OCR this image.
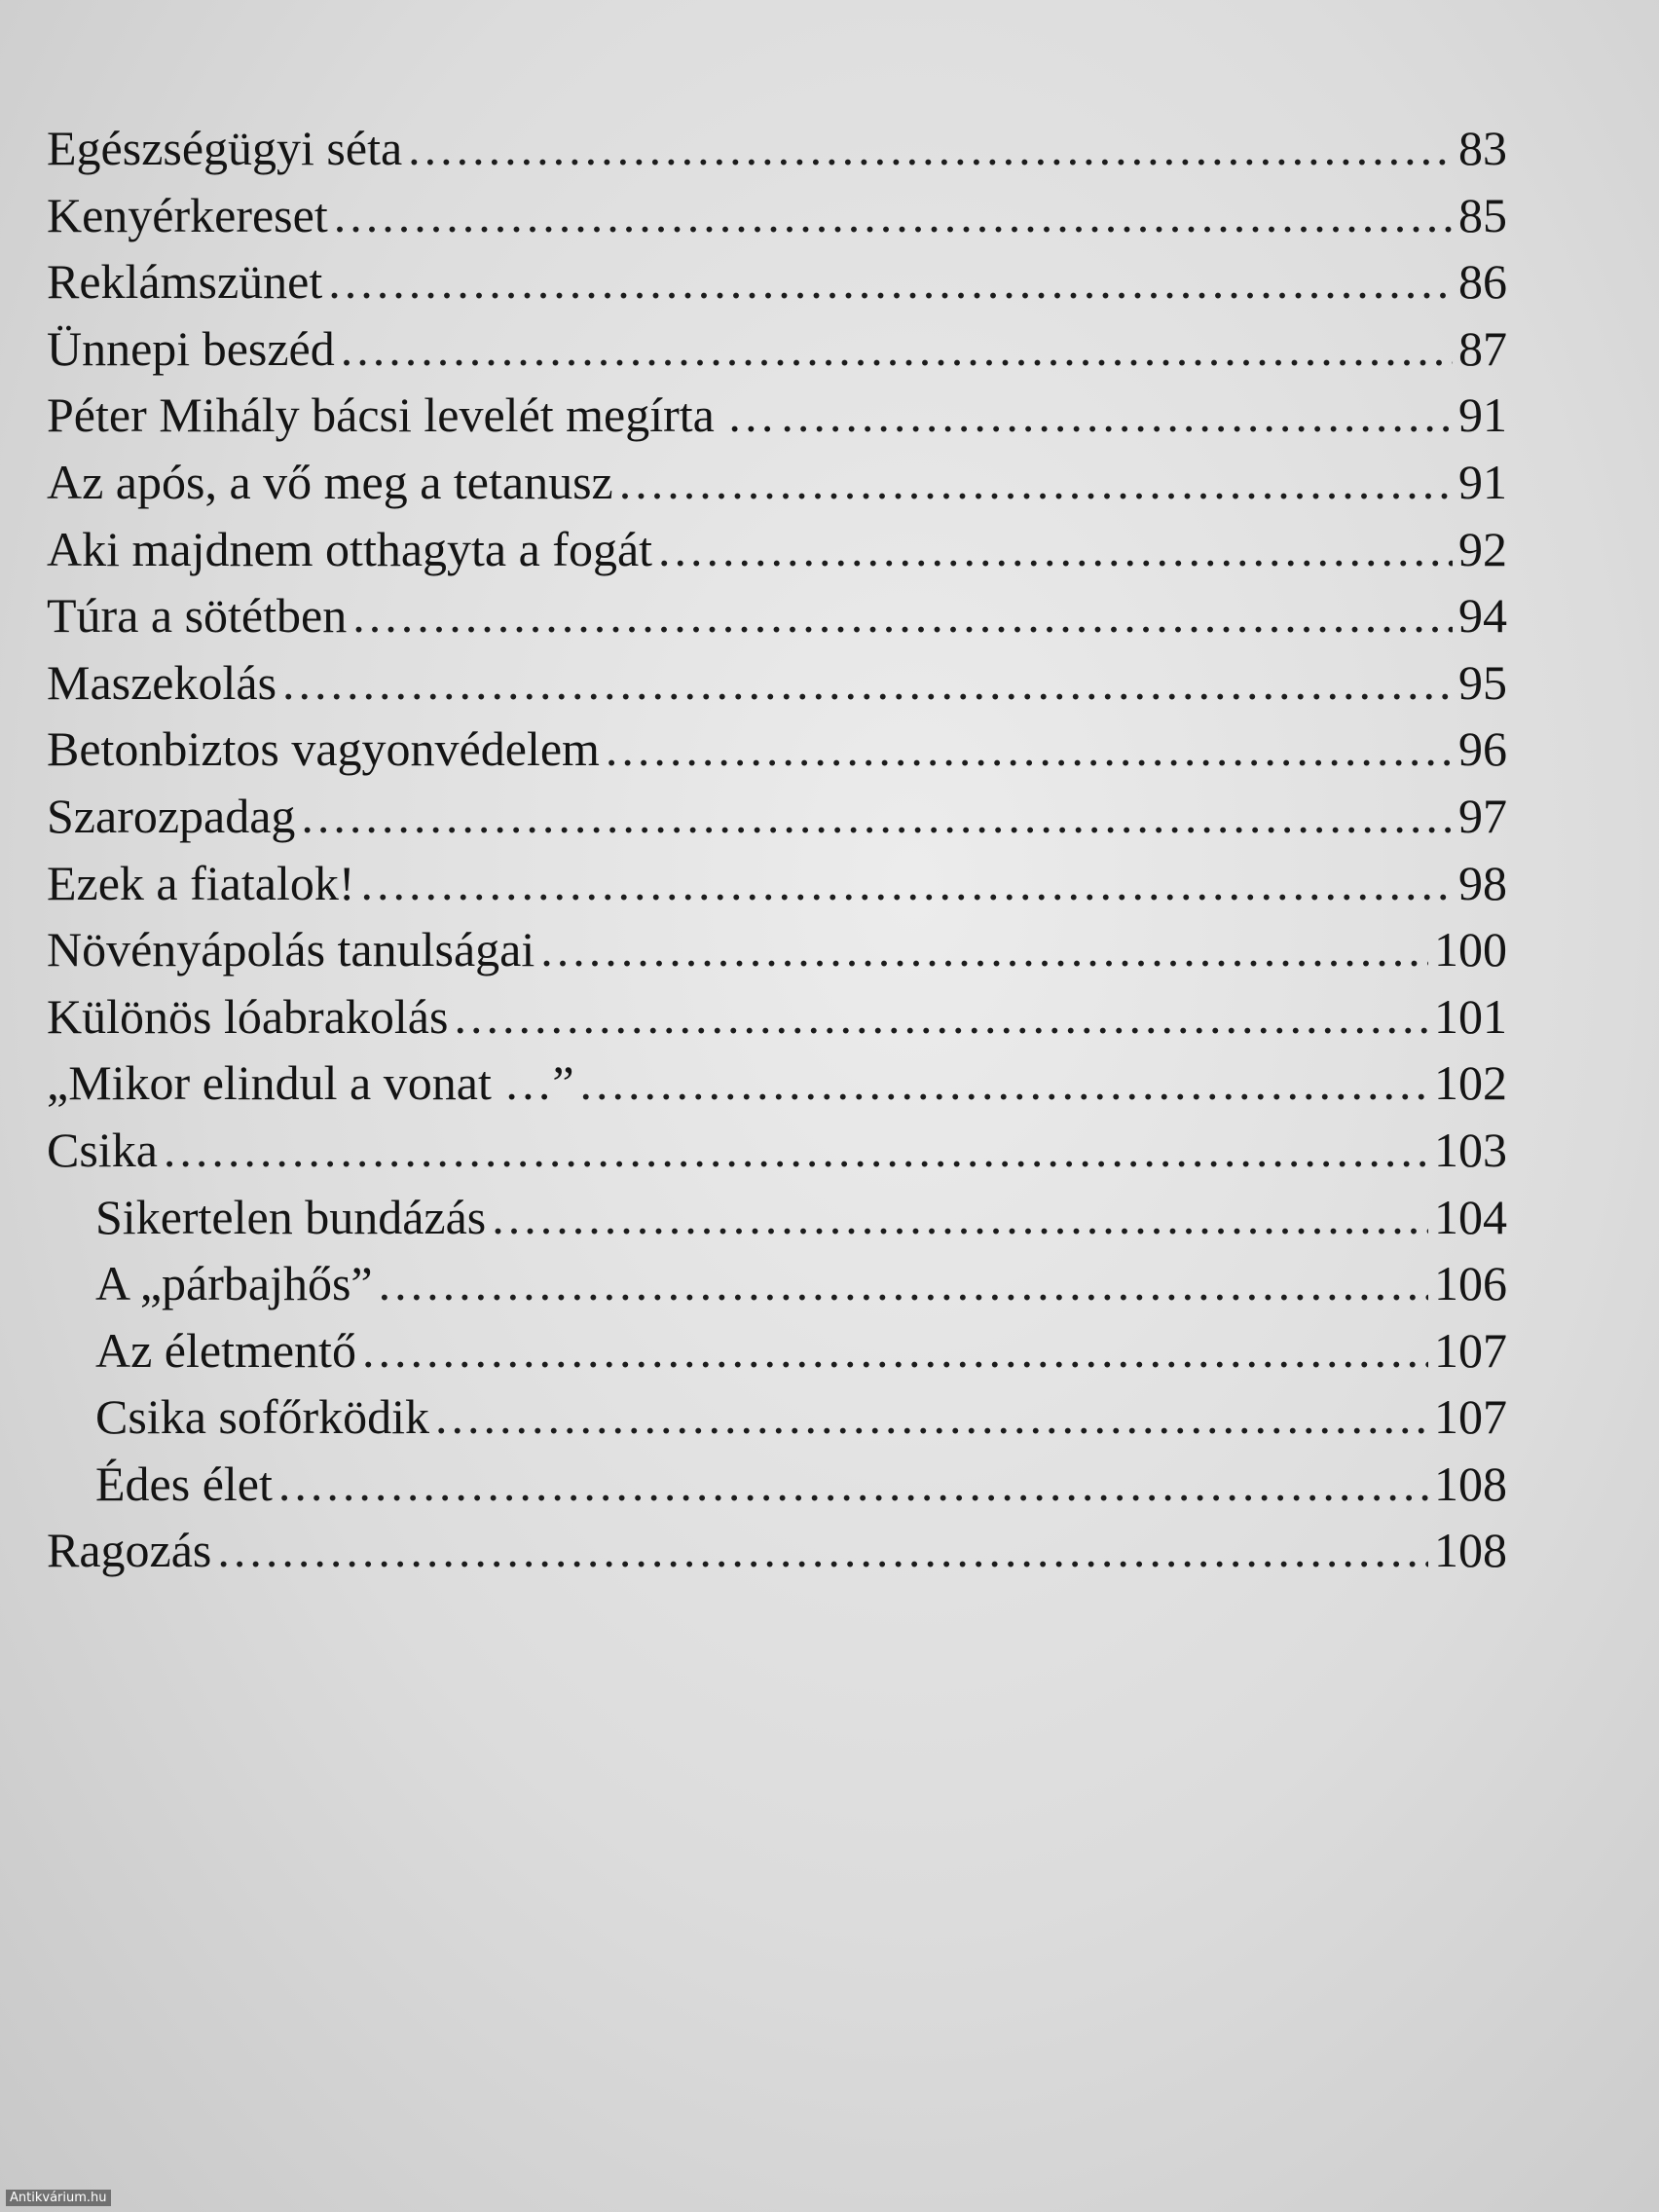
Egészségügyi séta .....	83
Kenyérkereset .....	85
Reklámszünet .....	86
Ünnepi beszéd .....	87
Péter Mihály bácsi levelét megírta … .....	91
Az após, a vő meg a tetanusz .....	91
Aki majdnem otthagyta a fogát .....	92
Túra a sötétben .....	94
Maszekolás .....	95
Betonbiztos vagyonvédelem .....	96
Szarozpadag .....	97
Ezek a fiatalok! .....	98
Növényápolás tanulságai .....	100
Különös lóabrakolás .....	101
„Mikor elindul a vonat …” .....	102
Csika .....	103
Sikertelen bundázás .....	104
A „párbajhős” .....	106
Az életmentő .....	107
Csika sofőrködik .....	107
Édes élet .....	108
Ragozás .....	108
Antikvárium.hu
